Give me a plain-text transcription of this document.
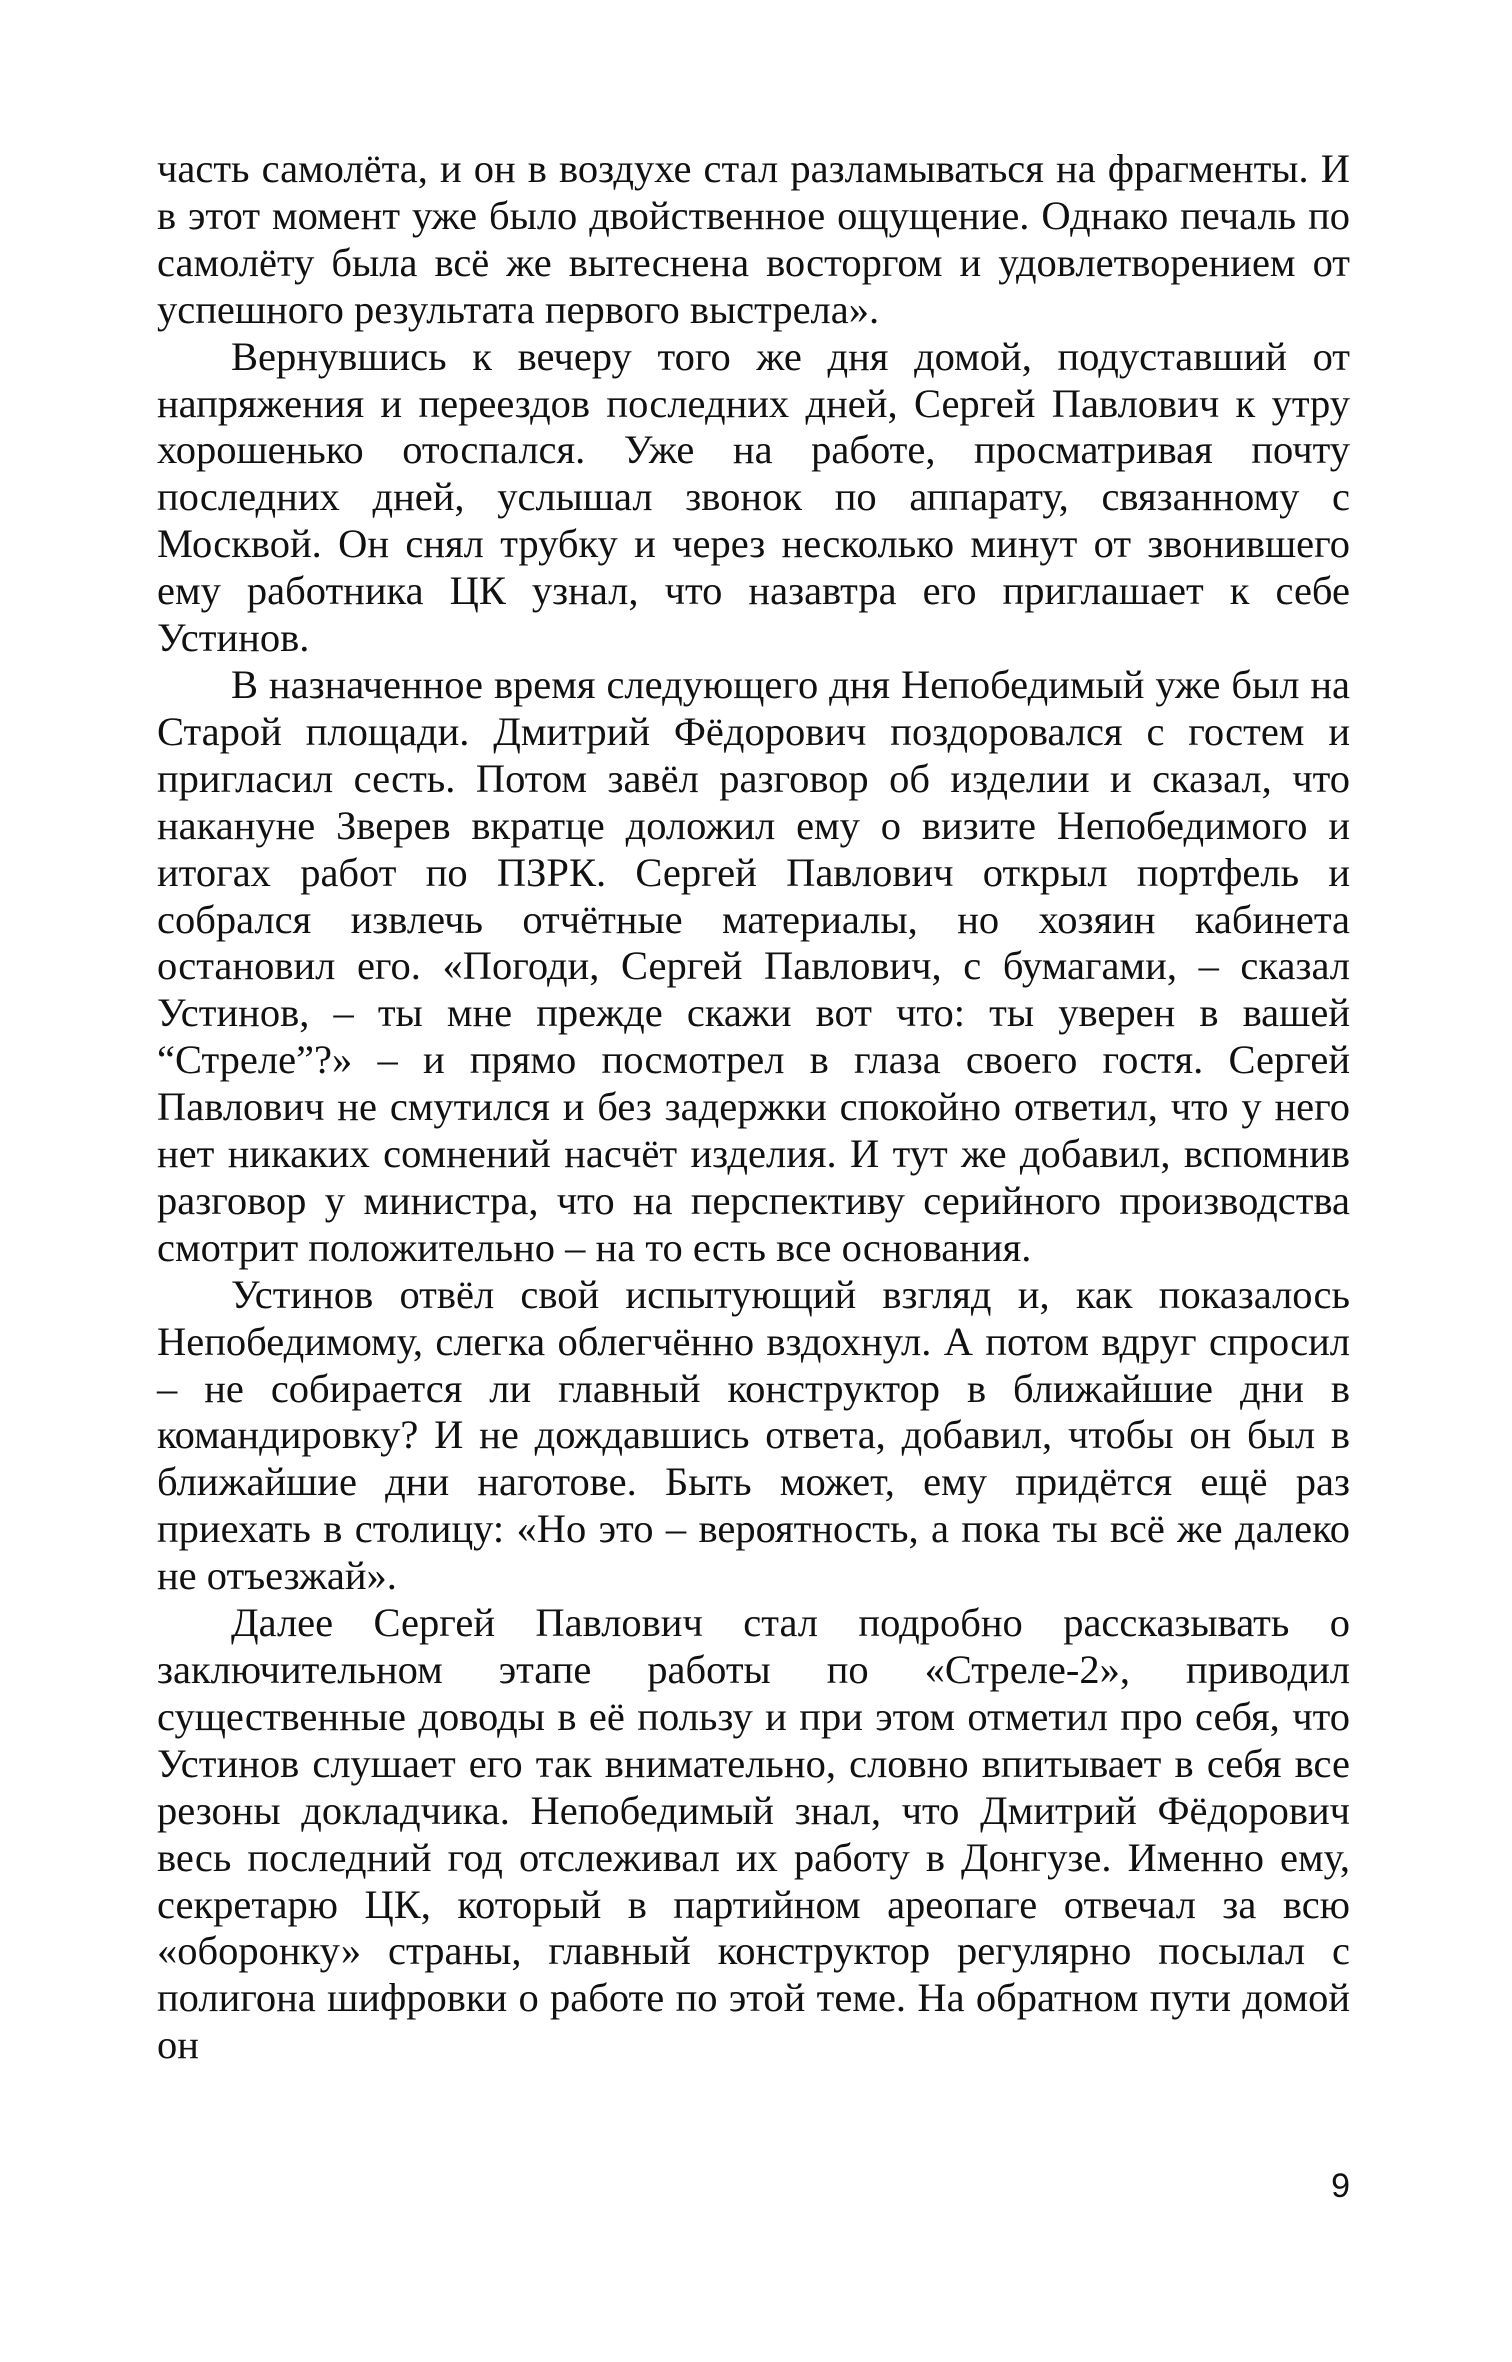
часть самолёта, и он в воздухе стал разламываться на фрагменты. И в этот момент уже было двойственное ощущение. Однако печаль по самолёту была всё же вытеснена восторгом и удовлетворением от успешного результата первого выстрела».

Вернувшись к вечеру того же дня домой, подуставший от напряжения и переездов последних дней, Сергей Павлович к утру хорошенько отоспался. Уже на работе, просматривая почту последних дней, услышал звонок по аппарату, связанному с Москвой. Он снял трубку и через несколько минут от звонившего ему работника ЦК узнал, что назавтра его приглашает к себе Устинов.

В назначенное время следующего дня Непобедимый уже был на Старой площади. Дмитрий Фёдорович поздоровался с гостем и пригласил сесть. Потом завёл разговор об изделии и сказал, что накануне Зверев вкратце доложил ему о визите Непобедимого и итогах работ по ПЗРК. Сергей Павлович открыл портфель и собрался извлечь отчётные материалы, но хозяин кабинета остановил его. «Погоди, Сергей Павлович, с бумагами, – сказал Устинов, – ты мне прежде скажи вот что: ты уверен в вашей “Стреле”?» – и прямо посмотрел в глаза своего гостя. Сергей Павлович не смутился и без задержки спокойно ответил, что у него нет никаких сомнений насчёт изделия. И тут же добавил, вспомнив разговор у министра, что на перспективу серийного производства смотрит положительно – на то есть все основания.

Устинов отвёл свой испытующий взгляд и, как показалось Непобедимому, слегка облегчённо вздохнул. А потом вдруг спросил – не собирается ли главный конструктор в ближайшие дни в командировку? И не дождавшись ответа, добавил, чтобы он был в ближайшие дни наготове. Быть может, ему придётся ещё раз приехать в столицу: «Но это – вероятность, а пока ты всё же далеко не отъезжай».

Далее Сергей Павлович стал подробно рассказывать о заключительном этапе работы по «Стреле-2», приводил существенные доводы в её пользу и при этом отметил про себя, что Устинов слушает его так внимательно, словно впитывает в себя все резоны докладчика. Непобедимый знал, что Дмитрий Фёдорович весь последний год отслеживал их работу в Донгузе. Именно ему, секретарю ЦК, который в партийном ареопаге отвечал за всю «оборонку» страны, главный конструктор регулярно посылал с полигона шифровки о работе по этой теме. На обратном пути домой он

9
